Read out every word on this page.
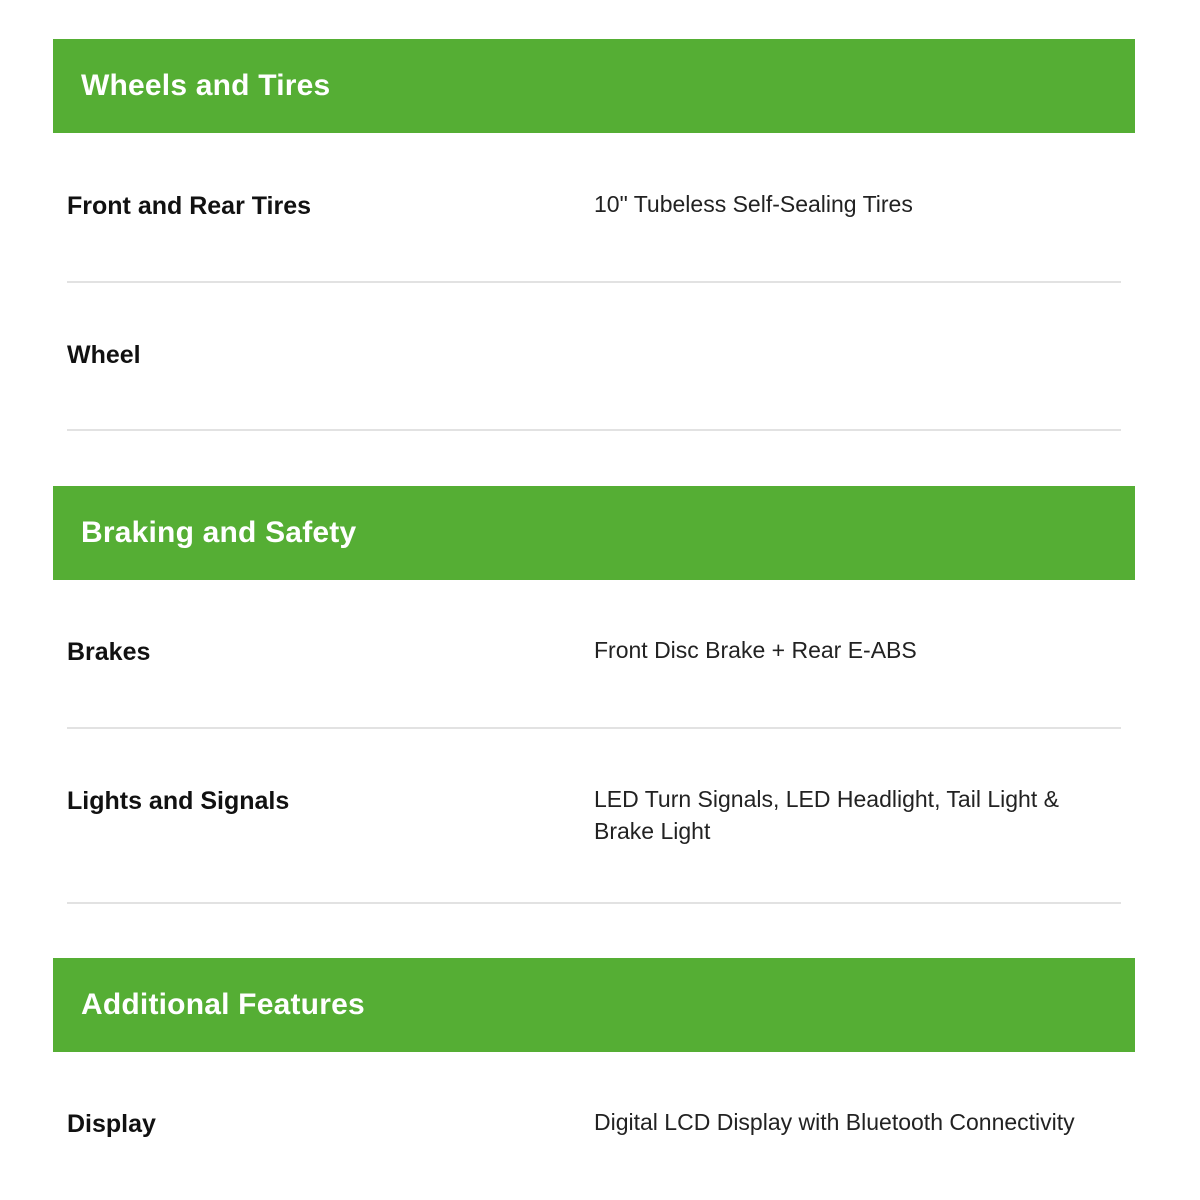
Wheels and Tires
Front and Rear Tires	10" Tubeless Self-Sealing Tires
Wheel
Braking and Safety
Brakes	Front Disc Brake + Rear E-ABS
Lights and Signals	LED Turn Signals, LED Headlight, Tail Light & Brake Light
Additional Features
Display	Digital LCD Display with Bluetooth Connectivity
